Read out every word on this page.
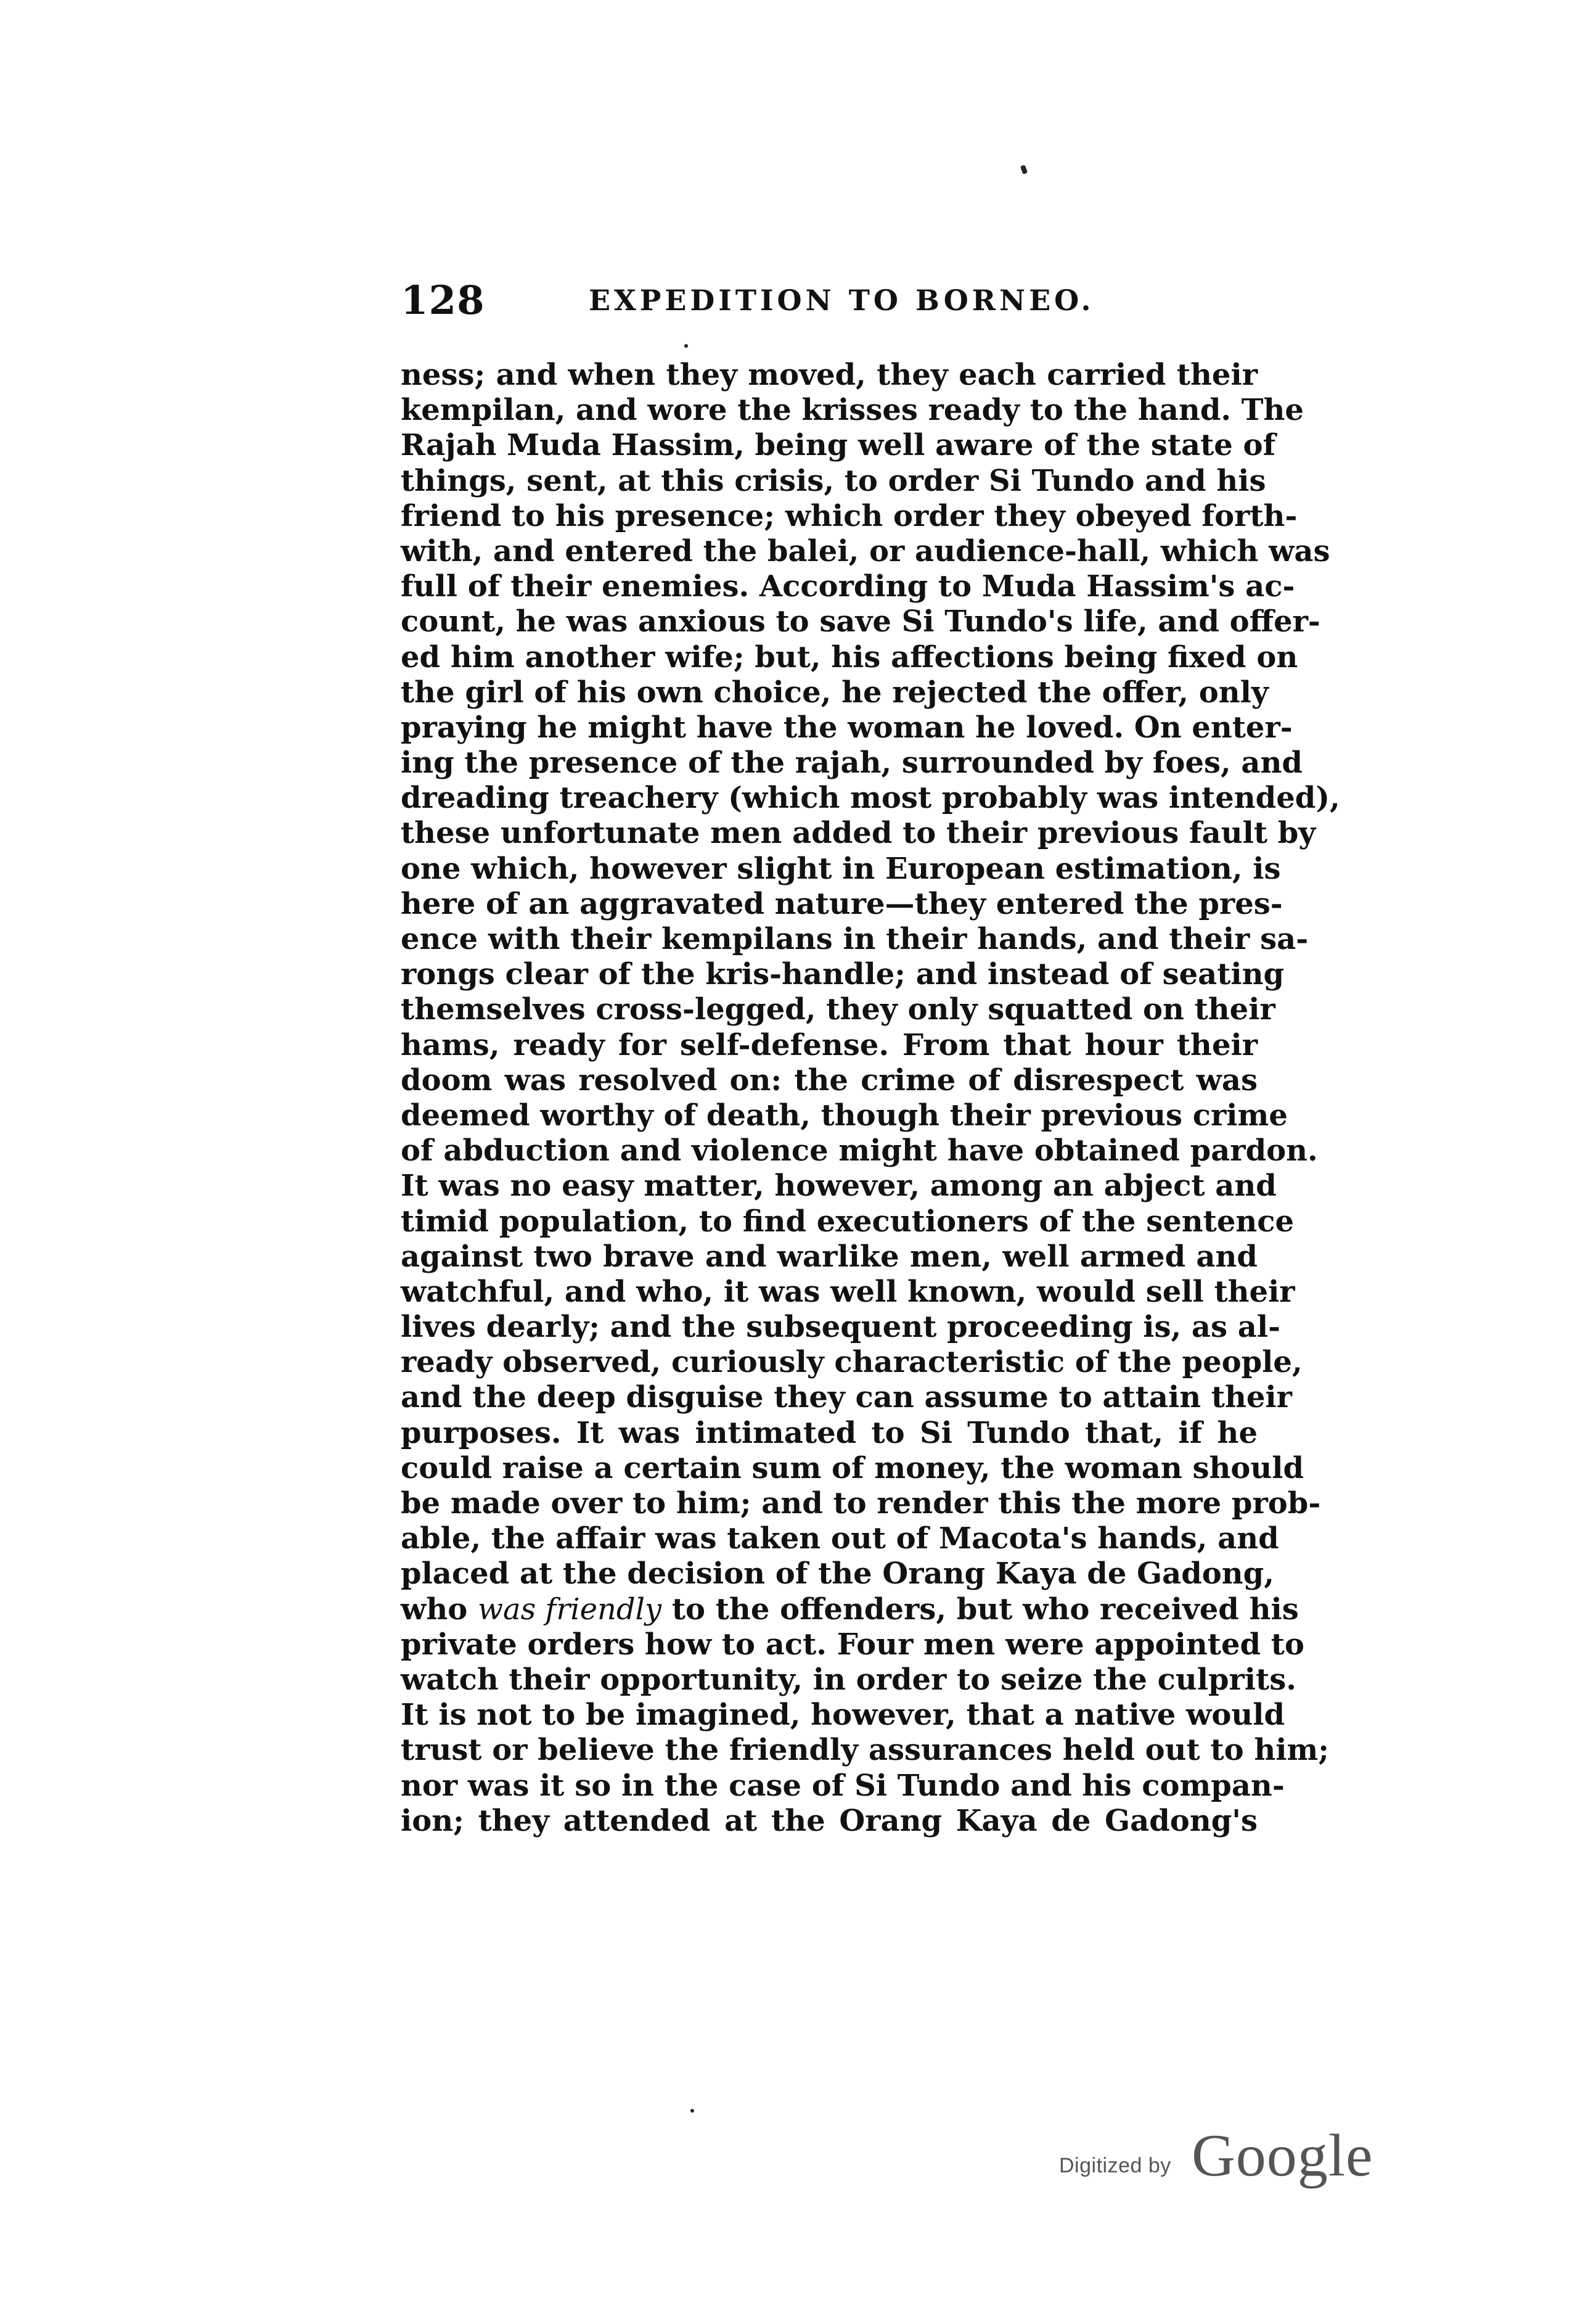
128	EXPEDITION TO BORNEO.
ness; and when they moved, they each carried their
kempilan, and wore the krisses ready to the hand. The
Rajah Muda Hassim, being well aware of the state of
things, sent, at this crisis, to order Si Tundo and his
friend to his presence; which order they obeyed forth-
with, and entered the balei, or audience-hall, which was
full of their enemies. According to Muda Hassim's ac-
count, he was anxious to save Si Tundo's life, and offer-
ed him another wife; but, his affections being fixed on
the girl of his own choice, he rejected the offer, only
praying he might have the woman he loved. On enter-
ing the presence of the rajah, surrounded by foes, and
dreading treachery (which most probably was intended),
these unfortunate men added to their previous fault by
one which, however slight in European estimation, is
here of an aggravated nature—they entered the pres-
ence with their kempilans in their hands, and their sa-
rongs clear of the kris-handle; and instead of seating
themselves cross-legged, they only squatted on their
hams, ready for self-defense. From that hour their
doom was resolved on: the crime of disrespect was
deemed worthy of death, though their previous crime
of abduction and violence might have obtained pardon.
It was no easy matter, however, among an abject and
timid population, to find executioners of the sentence
against two brave and warlike men, well armed and
watchful, and who, it was well known, would sell their
lives dearly; and the subsequent proceeding is, as al-
ready observed, curiously characteristic of the people,
and the deep disguise they can assume to attain their
purposes. It was intimated to Si Tundo that, if he
could raise a certain sum of money, the woman should
be made over to him; and to render this the more prob-
able, the affair was taken out of Macota's hands, and
placed at the decision of the Orang Kaya de Gadong,
who was friendly to the offenders, but who received his
private orders how to act. Four men were appointed to
watch their opportunity, in order to seize the culprits.
It is not to be imagined, however, that a native would
trust or believe the friendly assurances held out to him;
nor was it so in the case of Si Tundo and his compan-
ion; they attended at the Orang Kaya de Gadong's
Digitized by Google
